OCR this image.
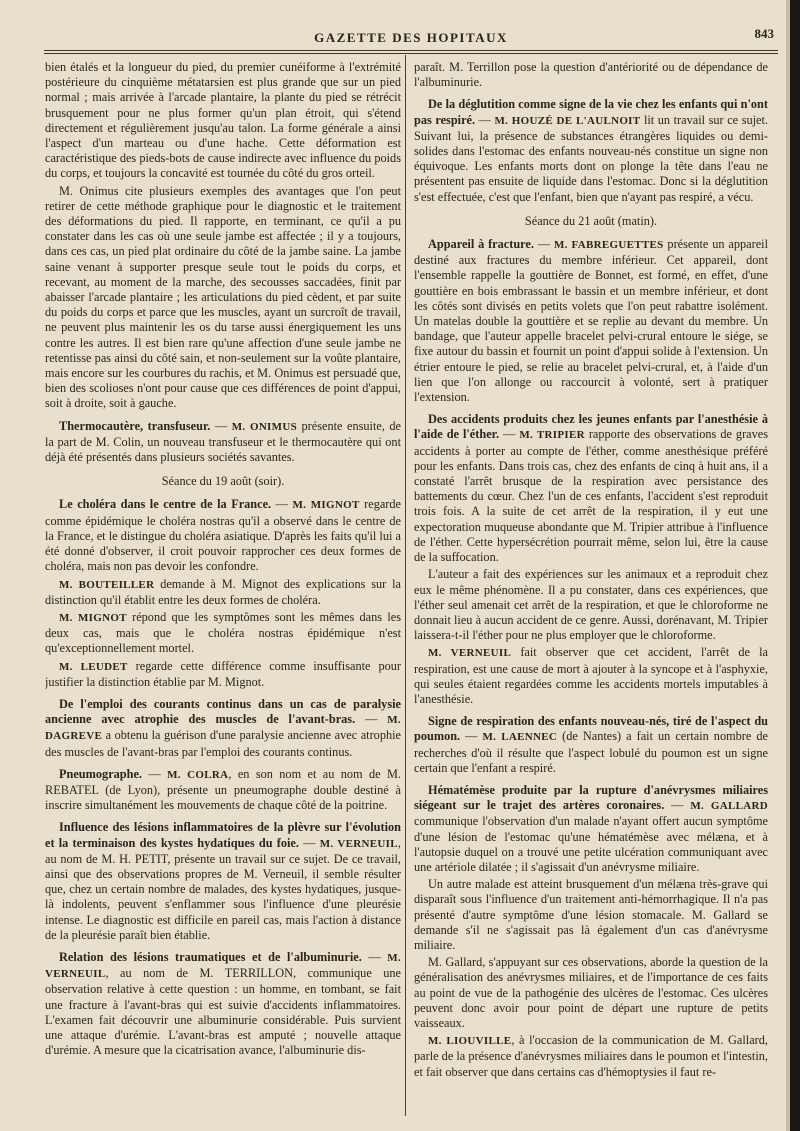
GAZETTE DES HOPITAUX	843

bien étalés et la longueur du pied, du premier cunéiforme à l'extrémité postérieure du cinquième métatarsien est plus grande que sur un pied normal ; mais arrivée à l'arcade plantaire, la plante du pied se rétrécit brusquement pour ne plus former qu'un plan étroit, qui s'étend directement et régulièrement jusqu'au talon. La forme générale a ainsi l'aspect d'un marteau ou d'une hache. Cette déformation est caractéristique des pieds-bots de cause indirecte avec influence du poids du corps, et toujours la concavité est tournée du côté du gros orteil.

M. Onimus cite plusieurs exemples des avantages que l'on peut retirer de cette méthode graphique pour le diagnostic et le traitement des déformations du pied. Il rapporte, en terminant, ce qu'il a pu constater dans les cas où une seule jambe est affectée ; il y a toujours, dans ces cas, un pied plat ordinaire du côté de la jambe saine. La jambe saine venant à supporter presque seule tout le poids du corps, et recevant, au moment de la marche, des secousses saccadées, finit par abaisser l'arcade plantaire ; les articulations du pied cèdent, et par suite du poids du corps et parce que les muscles, ayant un surcroît de travail, ne peuvent plus maintenir les os du tarse aussi énergiquement les uns contre les autres. Il est bien rare qu'une affection d'une seule jambe ne retentisse pas ainsi du côté sain, et non-seulement sur la voûte plantaire, mais encore sur les courbures du rachis, et M. Onimus est persuadé que, bien des scolioses n'ont pour cause que ces différences de point d'appui, soit à droite, soit à gauche.

Thermocautère, transfuseur. — M. ONIMUS présente ensuite, de la part de M. Colin, un nouveau transfuseur et le thermocautère qui ont déjà été présentés dans plusieurs sociétés savantes.

Séance du 19 août (soir).

Le choléra dans le centre de la France. — M. MIGNOT regarde comme épidémique le choléra nostras qu'il a observé dans le centre de la France, et le distingue du choléra asiatique. D'après les faits qu'il lui a été donné d'observer, il croit pouvoir rapprocher ces deux formes de choléra, mais non pas devoir les confondre.

M. BOUTEILLER demande à M. Mignot des explications sur la distinction qu'il établit entre les deux formes de choléra.

M. MIGNOT répond que les symptômes sont les mêmes dans les deux cas, mais que le choléra nostras épidémique n'est qu'exceptionnellement mortel.

M. LEUDET regarde cette différence comme insuffisante pour justifier la distinction établie par M. Mignot.

De l'emploi des courants continus dans un cas de paralysie ancienne avec atrophie des muscles de l'avant-bras. — M. DAGREVE a obtenu la guérison d'une paralysie ancienne avec atrophie des muscles de l'avant-bras par l'emploi des courants continus.

Pneumographe. — M. COLRA, en son nom et au nom de M. REBATEL (de Lyon), présente un pneumographe double destiné à inscrire simultanément les mouvements de chaque côté de la poitrine.

Influence des lésions inflammatoires de la plèvre sur l'évolution et la terminaison des kystes hydatiques du foie. — M. VERNEUIL, au nom de M. H. PETIT, présente un travail sur ce sujet. De ce travail, ainsi que des observations propres de M. Verneuil, il semble résulter que, chez un certain nombre de malades, des kystes hydatiques, jusque-là indolents, peuvent s'enflammer sous l'influence d'une pleurésie intense. Le diagnostic est difficile en pareil cas, mais l'action à distance de la pleurésie paraît bien établie.

Relation des lésions traumatiques et de l'albuminurie. — M. VERNEUIL, au nom de M. TERRILLON, communique une observation relative à cette question : un homme, en tombant, se fait une fracture à l'avant-bras qui est suivie d'accidents inflammatoires. L'examen fait découvrir une albuminurie considérable. Puis survient une attaque d'urémie. L'avant-bras est amputé ; nouvelle attaque d'urémie. A mesure que la cicatrisation avance, l'albuminurie dis-

paraît. M. Terrillon pose la question d'antériorité ou de dépendance de l'albuminurie.

De la déglutition comme signe de la vie chez les enfants qui n'ont pas respiré. — M. HOUZÉ DE L'AULNOIT lit un travail sur ce sujet. Suivant lui, la présence de substances étrangères liquides ou demi-solides dans l'estomac des enfants nouveau-nés constitue un signe non équivoque. Les enfants morts dont on plonge la tête dans l'eau ne présentent pas ensuite de liquide dans l'estomac. Donc si la déglutition s'est effectuée, c'est que l'enfant, bien que n'ayant pas respiré, a vécu.

Séance du 21 août (matin).

Appareil à fracture. — M. FABREGUETTES présente un appareil destiné aux fractures du membre inférieur. Cet appareil, dont l'ensemble rappelle la gouttière de Bonnet, est formé, en effet, d'une gouttière en bois embrassant le bassin et un membre inférieur, et dont les côtés sont divisés en petits volets que l'on peut rabattre isolément. Un matelas double la gouttière et se replie au devant du membre. Un bandage, que l'auteur appelle bracelet pelvi-crural entoure le siége, se fixe autour du bassin et fournit un point d'appui solide à l'extension. Un étrier entoure le pied, se relie au bracelet pelvi-crural, et, à l'aide d'un lien que l'on allonge ou raccourcit à volonté, sert à pratiquer l'extension.

Des accidents produits chez les jeunes enfants par l'anesthésie à l'aide de l'éther. — M. TRIPIER rapporte des observations de graves accidents à porter au compte de l'éther, comme anesthésique préféré pour les enfants. Dans trois cas, chez des enfants de cinq à huit ans, il a constaté l'arrêt brusque de la respiration avec persistance des battements du cœur. Chez l'un de ces enfants, l'accident s'est reproduit trois fois. A la suite de cet arrêt de la respiration, il y eut une expectoration muqueuse abondante que M. Tripier attribue à l'influence de l'éther. Cette hypersécrétion pourrait même, selon lui, être la cause de la suffocation.

L'auteur a fait des expériences sur les animaux et a reproduit chez eux le même phénomène. Il a pu constater, dans ces expériences, que l'éther seul amenait cet arrêt de la respiration, et que le chloroforme ne donnait lieu à aucun accident de ce genre. Aussi, dorénavant, M. Tripier laissera-t-il l'éther pour ne plus employer que le chloroforme.

M. VERNEUIL fait observer que cet accident, l'arrêt de la respiration, est une cause de mort à ajouter à la syncope et à l'asphyxie, qui seules étaient regardées comme les accidents mortels imputables à l'anesthésie.

Signe de respiration des enfants nouveau-nés, tiré de l'aspect du poumon. — M. LAENNEC (de Nantes) a fait un certain nombre de recherches d'où il résulte que l'aspect lobulé du poumon est un signe certain que l'enfant a respiré.

Hématémèse produite par la rupture d'anévrysmes miliaires siégeant sur le trajet des artères coronaires. — M. GALLARD communique l'observation d'un malade n'ayant offert aucun symptôme d'une lésion de l'estomac qu'une hématémèse avec mélæna, et à l'autopsie duquel on a trouvé une petite ulcération communiquant avec une artériole dilatée ; il s'agissait d'un anévrysme miliaire.

Un autre malade est atteint brusquement d'un mélæna très-grave qui disparaît sous l'influence d'un traitement anti-hémorrhagique. Il n'a pas présenté d'autre symptôme d'une lésion stomacale. M. Gallard se demande s'il ne s'agissait pas là également d'un cas d'anévrysme miliaire.

M. Gallard, s'appuyant sur ces observations, aborde la question de la généralisation des anévrysmes miliaires, et de l'importance de ces faits au point de vue de la pathogénie des ulcères de l'estomac. Ces ulcères peuvent donc avoir pour point de départ une rupture de petits vaisseaux.

M. LIOUVILLE, à l'occasion de la communication de M. Gallard, parle de la présence d'anévrysmes miliaires dans le poumon et l'intestin, et fait observer que dans certains cas d'hémoptysies il faut re-
